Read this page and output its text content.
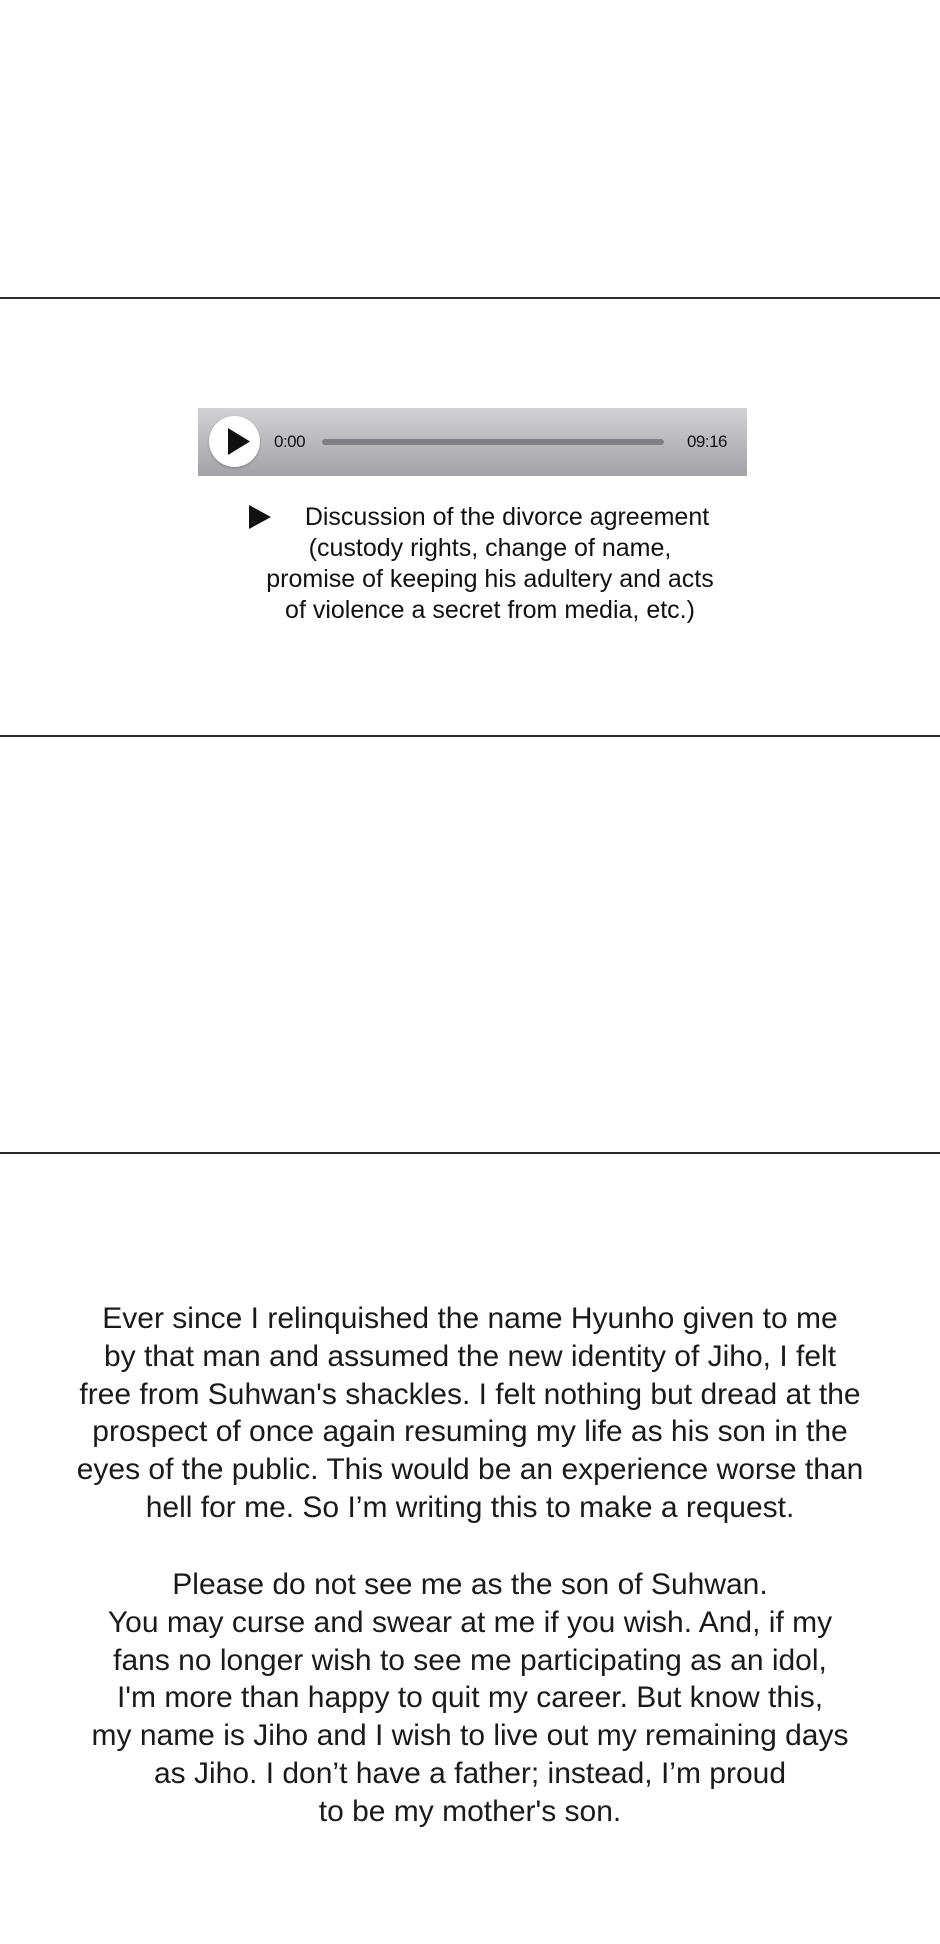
0:00	09:16
Discussion of the divorce agreement
(custody rights, change of name,
promise of keeping his adultery and acts
of violence a secret from media, etc.)
Ever since I relinquished the name Hyunho given to me
by that man and assumed the new identity of Jiho, I felt
free from Suhwan's shackles. I felt nothing but dread at the
prospect of once again resuming my life as his son in the
eyes of the public. This would be an experience worse than
hell for me. So I’m writing this to make a request.
Please do not see me as the son of Suhwan.
You may curse and swear at me if you wish. And, if my
fans no longer wish to see me participating as an idol,
I'm more than happy to quit my career. But know this,
my name is Jiho and I wish to live out my remaining days
as Jiho. I don’t have a father; instead, I’m proud
to be my mother's son.
